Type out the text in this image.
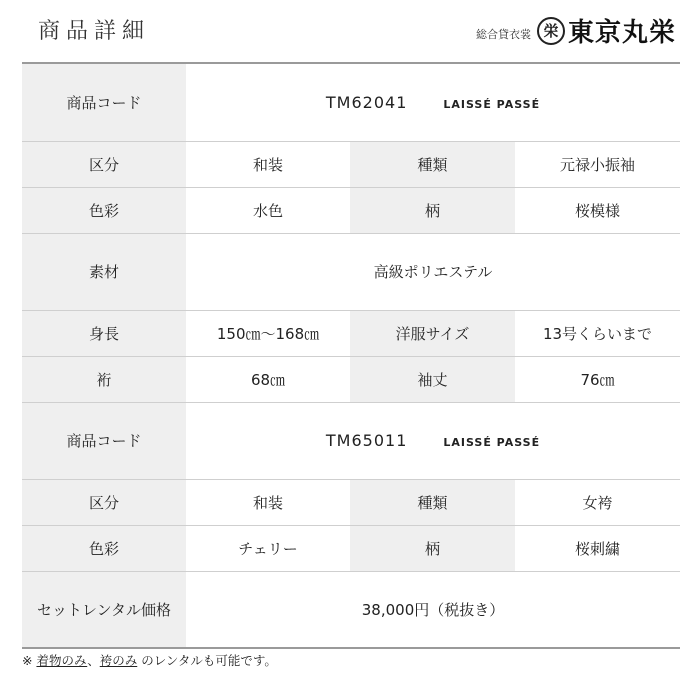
商品詳細	総合貸衣裳 栄 東京丸栄
商品コード	TM62041 LAISSÉ PASSÉ		

区分	和装	種類	元禄小振袖
色彩	水色	柄	桜模様
素材	高級ポリエステル		
身長	150㎝～168㎝	洋服サイズ	13号くらいまで
裄	68㎝	袖丈	76㎝
商品コード	TM65011 LAISSÉ PASSÉ		

区分	和装	種類	女袴
色彩	チェリー	柄	桜刺繍
セットレンタル価格	38,000円（税抜き）		
※ 着物のみ、袴のみ のレンタルも可能です。
